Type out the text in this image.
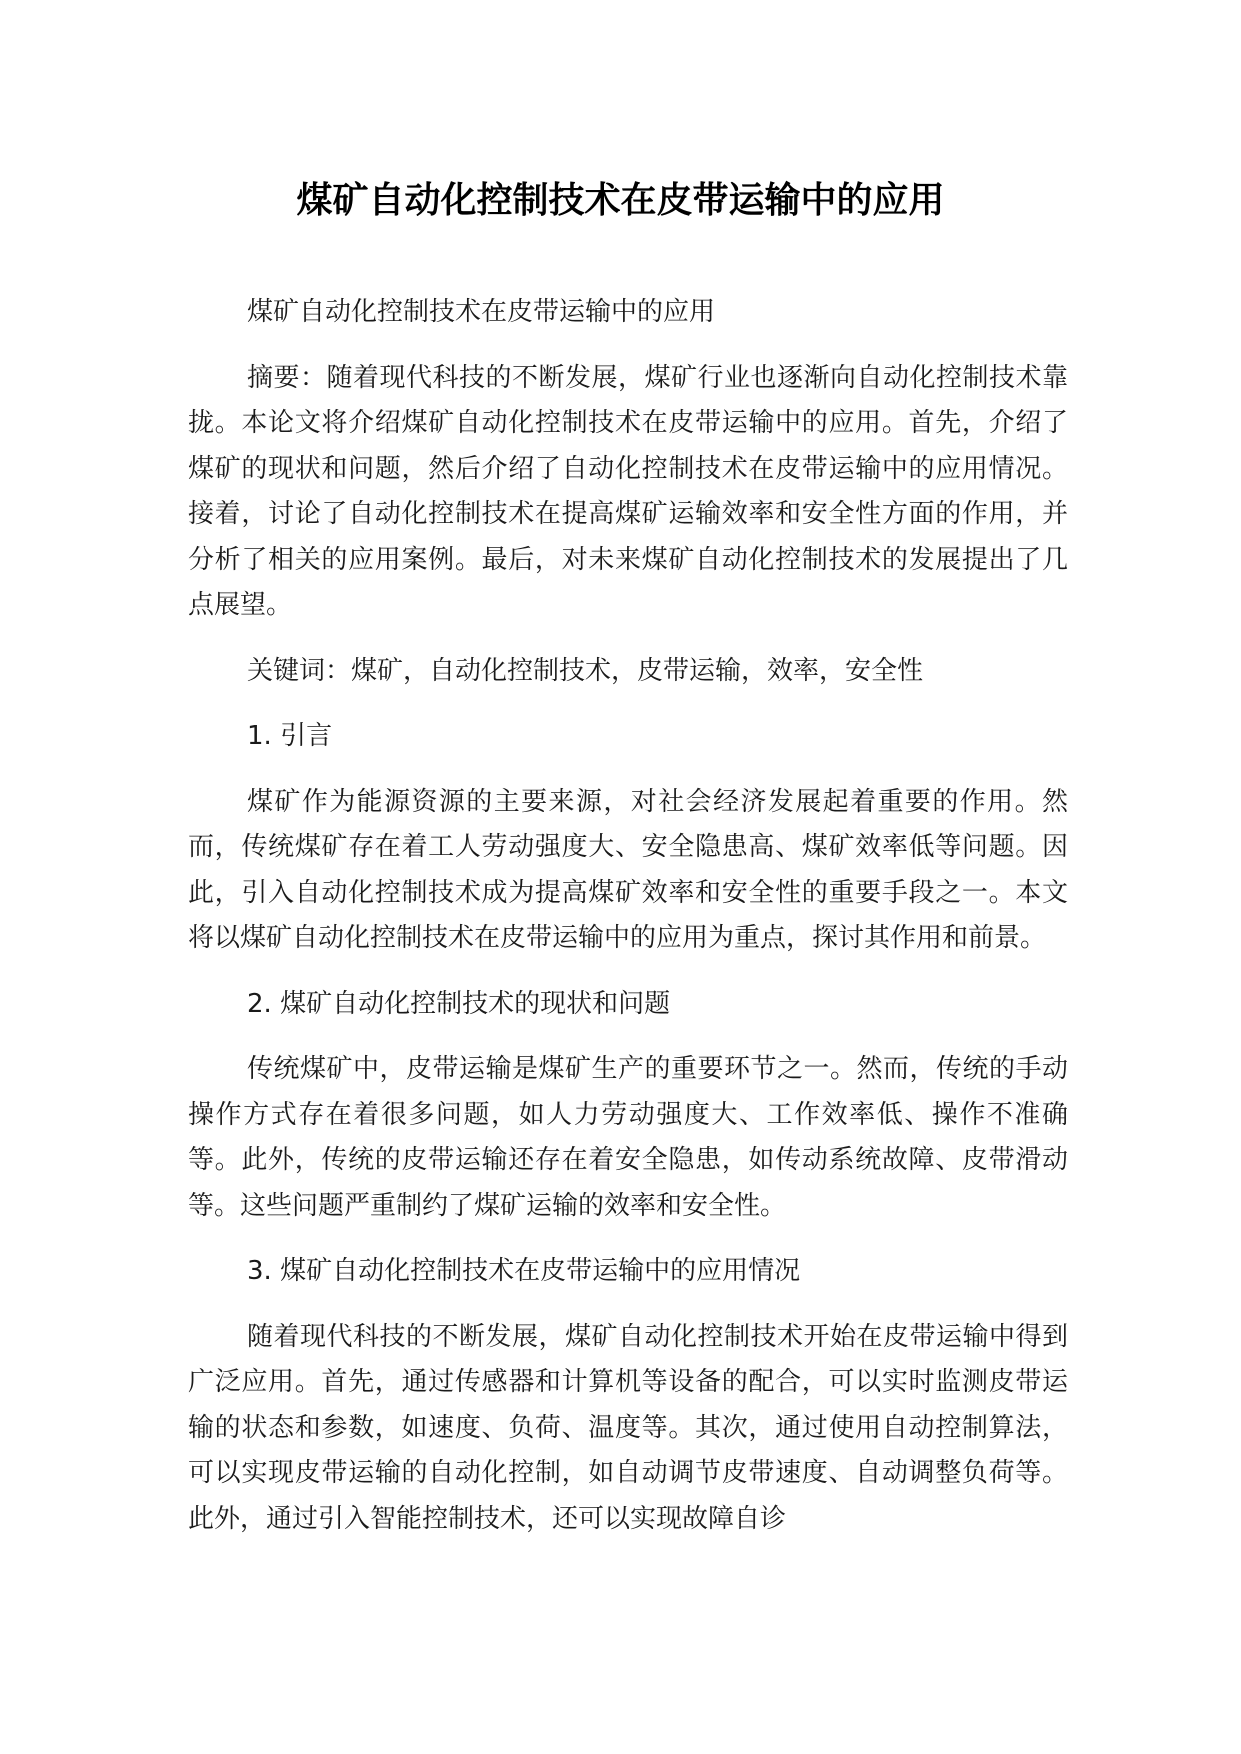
煤矿自动化控制技术在皮带运输中的应用

煤矿自动化控制技术在皮带运输中的应用

摘要：随着现代科技的不断发展，煤矿行业也逐渐向自动化控制技术靠拢。本论文将介绍煤矿自动化控制技术在皮带运输中的应用。首先，介绍了煤矿的现状和问题，然后介绍了自动化控制技术在皮带运输中的应用情况。接着，讨论了自动化控制技术在提高煤矿运输效率和安全性方面的作用，并分析了相关的应用案例。最后，对未来煤矿自动化控制技术的发展提出了几点展望。

关键词：煤矿，自动化控制技术，皮带运输，效率，安全性

1. 引言

煤矿作为能源资源的主要来源，对社会经济发展起着重要的作用。然而，传统煤矿存在着工人劳动强度大、安全隐患高、煤矿效率低等问题。因此，引入自动化控制技术成为提高煤矿效率和安全性的重要手段之一。本文将以煤矿自动化控制技术在皮带运输中的应用为重点，探讨其作用和前景。

2. 煤矿自动化控制技术的现状和问题

传统煤矿中，皮带运输是煤矿生产的重要环节之一。然而，传统的手动操作方式存在着很多问题，如人力劳动强度大、工作效率低、操作不准确等。此外，传统的皮带运输还存在着安全隐患，如传动系统故障、皮带滑动等。这些问题严重制约了煤矿运输的效率和安全性。

3. 煤矿自动化控制技术在皮带运输中的应用情况

随着现代科技的不断发展，煤矿自动化控制技术开始在皮带运输中得到广泛应用。首先，通过传感器和计算机等设备的配合，可以实时监测皮带运输的状态和参数，如速度、负荷、温度等。其次，通过使用自动控制算法，可以实现皮带运输的自动化控制，如自动调节皮带速度、自动调整负荷等。此外，通过引入智能控制技术，还可以实现故障自诊
